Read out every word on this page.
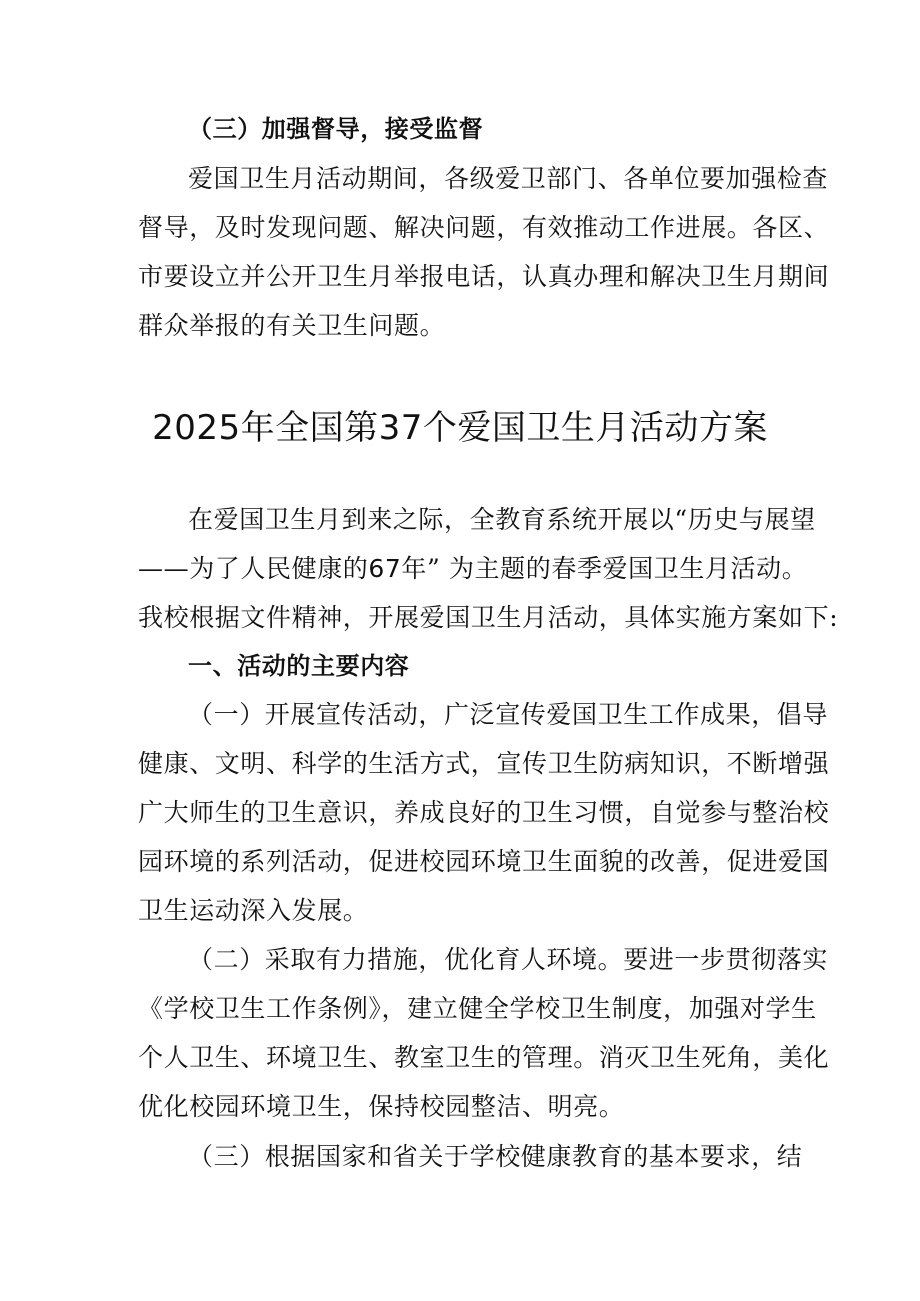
（三）加强督导，接受监督
爱国卫生月活动期间，各级爱卫部门、各单位要加强检查
督导，及时发现问题、解决问题，有效推动工作进展。各区、
市要设立并公开卫生月举报电话，认真办理和解决卫生月期间
群众举报的有关卫生问题。
2025年全国第37个爱国卫生月活动方案
在爱国卫生月到来之际，全教育系统开展以“历史与展望
——为了人民健康的67年” 为主题的春季爱国卫生月活动。
我校根据文件精神，开展爱国卫生月活动，具体实施方案如下:
一、活动的主要内容
（一）开展宣传活动，广泛宣传爱国卫生工作成果，倡导
健康、文明、科学的生活方式，宣传卫生防病知识，不断增强
广大师生的卫生意识，养成良好的卫生习惯，自觉参与整治校
园环境的系列活动，促进校园环境卫生面貌的改善，促进爱国
卫生运动深入发展。
（二）采取有力措施，优化育人环境。要进一步贯彻落实
《学校卫生工作条例》，建立健全学校卫生制度，加强对学生
个人卫生、环境卫生、教室卫生的管理。消灭卫生死角，美化
优化校园环境卫生，保持校园整洁、明亮。
（三）根据国家和省关于学校健康教育的基本要求，结
